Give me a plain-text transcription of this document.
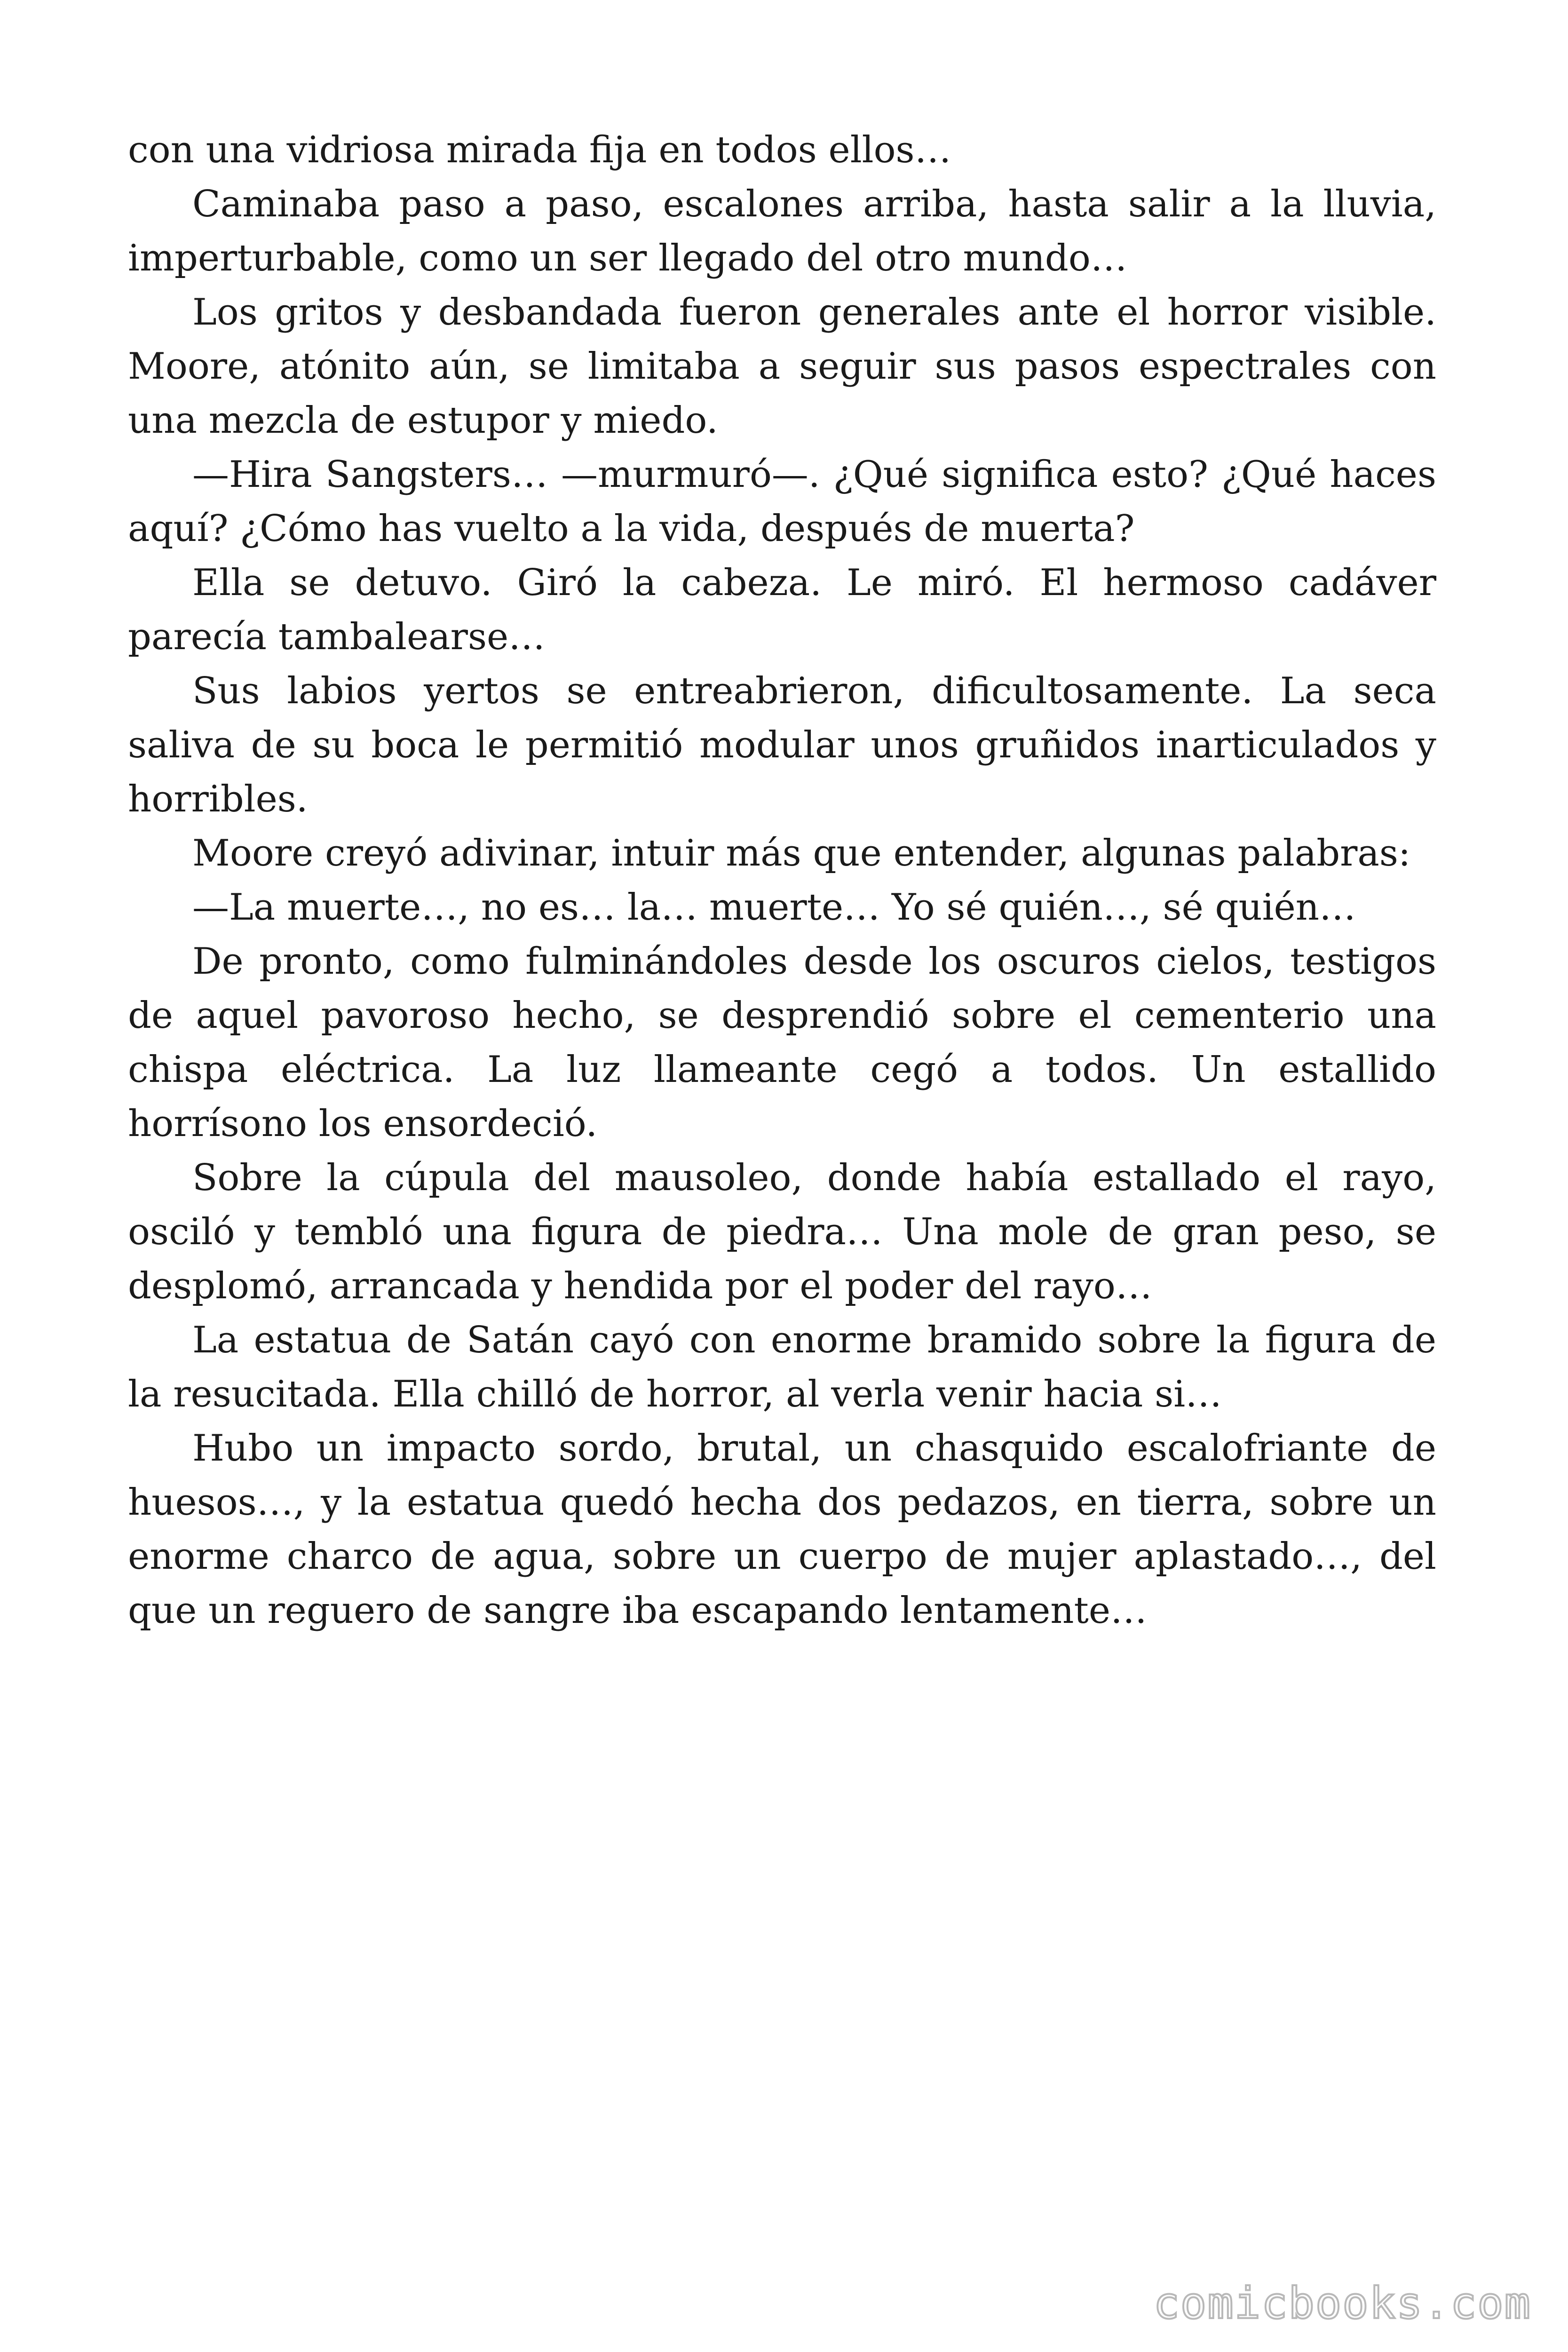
con una vidriosa mirada fija en todos ellos…

Caminaba paso a paso, escalones arriba, hasta salir a la lluvia, imperturbable, como un ser llegado del otro mundo…

Los gritos y desbandada fueron generales ante el horror visible. Moore, atónito aún, se limitaba a seguir sus pasos espectrales con una mezcla de estupor y miedo.

—Hira Sangsters… —murmuró—. ¿Qué significa esto? ¿Qué haces aquí? ¿Cómo has vuelto a la vida, después de muerta?

Ella se detuvo. Giró la cabeza. Le miró. El hermoso cadáver parecía tambalearse…

Sus labios yertos se entreabrieron, dificultosamente. La seca saliva de su boca le permitió modular unos gruñidos inarticulados y horribles.

Moore creyó adivinar, intuir más que entender, algunas palabras:

—La muerte…, no es… la… muerte… Yo sé quién…, sé quién…

De pronto, como fulminándoles desde los oscuros cielos, testigos de aquel pavoroso hecho, se desprendió sobre el cementerio una chispa eléctrica. La luz llameante cegó a todos. Un estallido horrísono los ensordeció.

Sobre la cúpula del mausoleo, donde había estallado el rayo, osciló y tembló una figura de piedra… Una mole de gran peso, se desplomó, arrancada y hendida por el poder del rayo…

La estatua de Satán cayó con enorme bramido sobre la figura de la resucitada. Ella chilló de horror, al verla venir hacia si…

Hubo un impacto sordo, brutal, un chasquido escalofriante de huesos…, y la estatua quedó hecha dos pedazos, en tierra, sobre un enorme charco de agua, sobre un cuerpo de mujer aplastado…, del que un reguero de sangre iba escapando lentamente…

comicbooks.com
